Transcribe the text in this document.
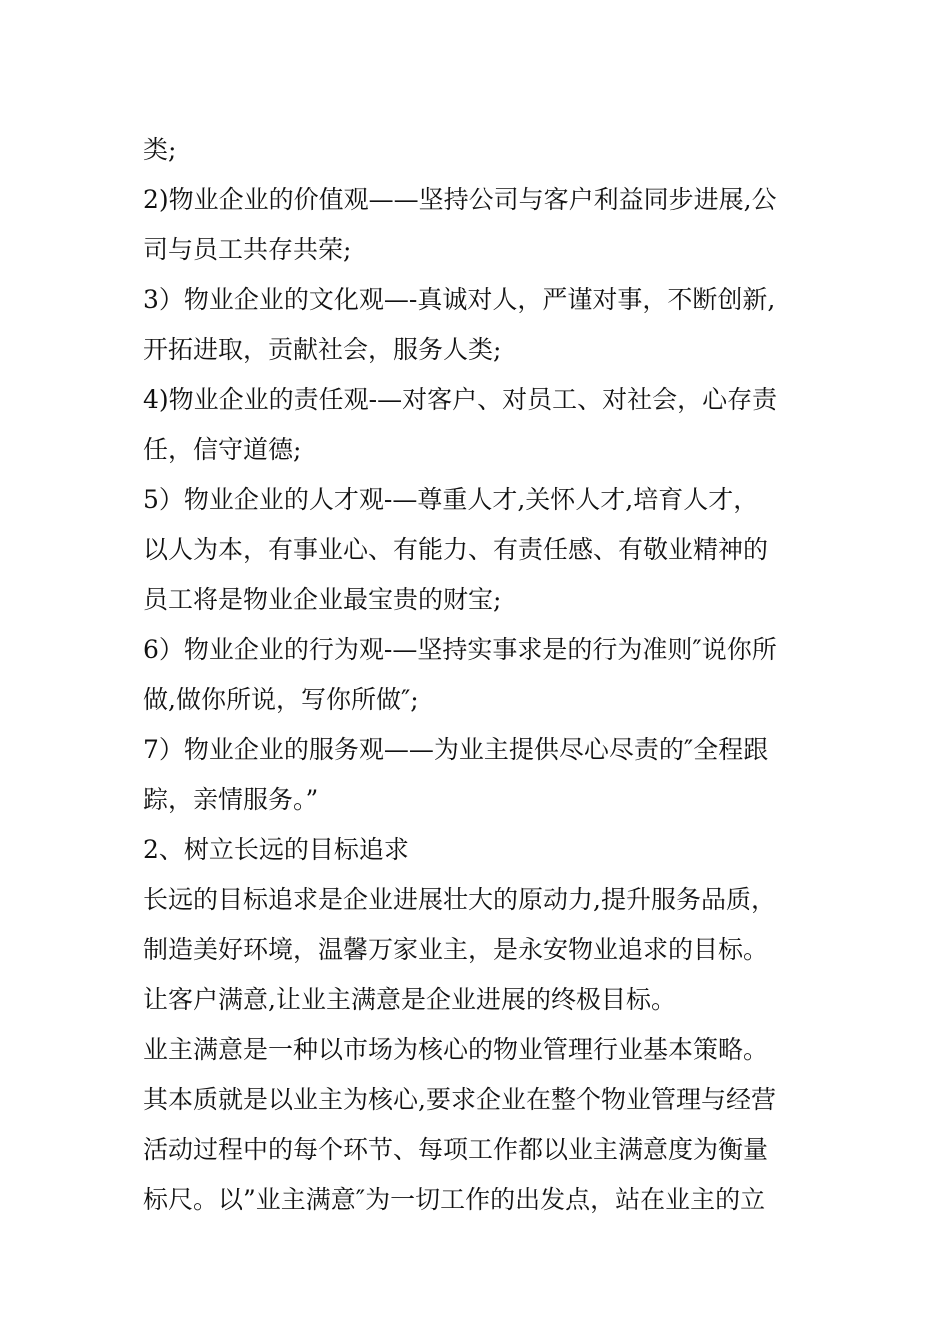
类;
2)物业企业的价值观——坚持公司与客户利益同步进展,公
司与员工共存共荣;
3）物业企业的文化观—-真诚对人，严谨对事，不断创新,
开拓进取，贡献社会，服务人类;
4)物业企业的责任观-—对客户、对员工、对社会，心存责
任，信守道德;
5）物业企业的人才观-—尊重人才,关怀人才,培育人才，
以人为本，有事业心、有能力、有责任感、有敬业精神的
员工将是物业企业最宝贵的财宝;
6）物业企业的行为观-—坚持实事求是的行为准则″说你所
做,做你所说，写你所做″;
7）物业企业的服务观——为业主提供尽心尽责的″全程跟
踪，亲情服务。”
2、树立长远的目标追求
长远的目标追求是企业进展壮大的原动力,提升服务品质，
制造美好环境，温馨万家业主，是永安物业追求的目标。
让客户满意,让业主满意是企业进展的终极目标。
业主满意是一种以市场为核心的物业管理行业基本策略。
其本质就是以业主为核心,要求企业在整个物业管理与经营
活动过程中的每个环节、每项工作都以业主满意度为衡量
标尺。以”业主满意″为一切工作的出发点，站在业主的立
